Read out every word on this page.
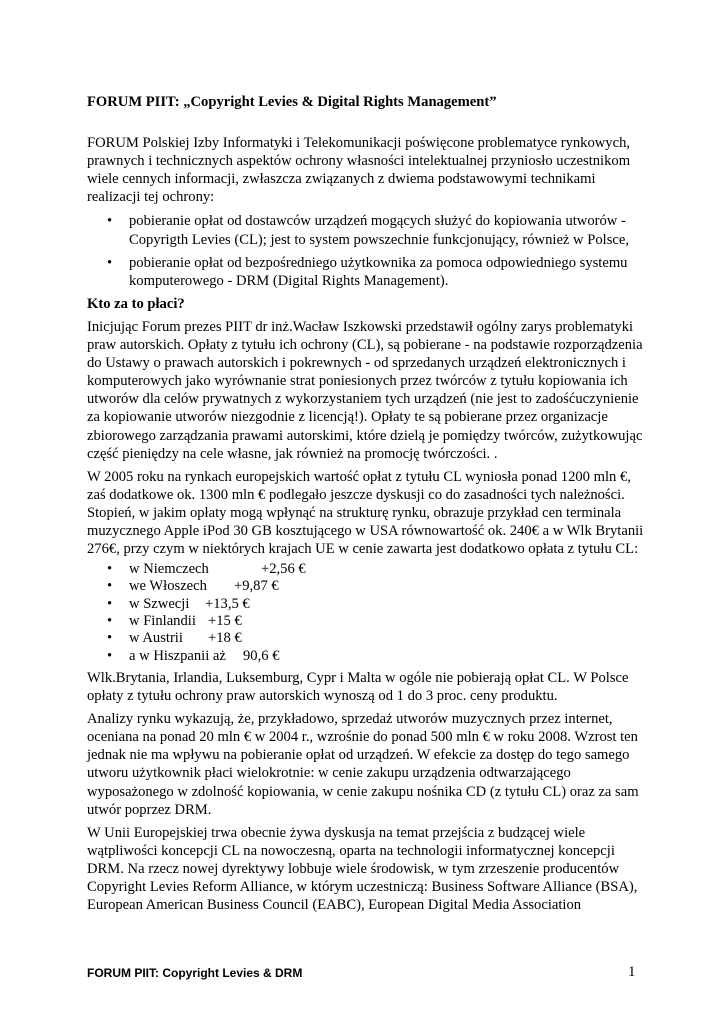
FORUM PIIT: „Copyright Levies & Digital Rights Management”

FORUM Polskiej Izby Informatyki i Telekomunikacji poświęcone problematyce rynkowych, prawnych i technicznych aspektów ochrony własności intelektualnej przyniosło uczestnikom wiele cennych informacji, zwłaszcza związanych z dwiema podstawowymi technikami realizacji tej ochrony:

• pobieranie opłat od dostawców urządzeń mogących służyć do kopiowania utworów - Copyrigth Levies (CL); jest to system powszechnie funkcjonujący, również w Polsce,
• pobieranie opłat od bezpośredniego użytkownika za pomoca odpowiedniego systemu komputerowego - DRM (Digital Rights Management).

Kto za to płaci?

Inicjując Forum prezes PIIT dr inż.Wacław Iszkowski przedstawił ogólny zarys problematyki praw autorskich. Opłaty z tytułu ich ochrony (CL), są pobierane - na podstawie rozporządzenia do Ustawy o prawach autorskich i pokrewnych - od sprzedanych urządzeń elektronicznych i komputerowych jako wyrównanie strat poniesionych przez twórców z tytułu kopiowania ich utworów dla celów prywatnych z wykorzystaniem tych urządzeń (nie jest to zadośćuczynienie za kopiowanie utworów niezgodnie z licencją!). Opłaty te są pobierane przez organizacje zbiorowego zarządzania prawami autorskimi, które dzielą je pomiędzy twórców, zużytkowując część pieniędzy na cele własne, jak również na promocję twórczości. .

W 2005 roku na rynkach europejskich wartość opłat z tytułu CL wyniosła ponad 1200 mln €, zaś dodatkowe ok. 1300 mln € podlegało jeszcze dyskusji co do zasadności tych należności. Stopień, w jakim opłaty mogą wpłynąć na strukturę rynku, obrazuje przykład cen terminala muzycznego Apple iPod 30 GB kosztującego w USA równowartość ok. 240€ a w Wlk Brytanii 276€, przy czym w niektórych krajach UE w cenie zawarta jest dodatkowo opłata z tytułu CL:

• w Niemczech	+2,56 €
• we Włoszech +9,87 €
• w Szwecji +13,5 €
• w Finlandii +15 €
• w Austrii +18 €
• a w Hiszpanii aż 90,6 €

Wlk.Brytania, Irlandia, Luksemburg, Cypr i Malta w ogóle nie pobierają opłat CL. W Polsce opłaty z tytułu ochrony praw autorskich wynoszą od 1 do 3 proc. ceny produktu.

Analizy rynku wykazują, że, przykładowo, sprzedaż utworów muzycznych przez internet, oceniana na ponad 20 mln € w 2004 r., wzrośnie do ponad 500 mln € w roku 2008. Wzrost ten jednak nie ma wpływu na pobieranie opłat od urządzeń. W efekcie za dostęp do tego samego utworu użytkownik płaci wielokrotnie: w cenie zakupu urządzenia odtwarzającego wyposażonego w zdolność kopiowania, w cenie zakupu nośnika CD (z tytułu CL) oraz za sam utwór poprzez DRM.

W Unii Europejskiej trwa obecnie żywa dyskusja na temat przejścia z budzącej wiele wątpliwości koncepcji CL na nowoczesną, oparta na technologii informatycznej koncepcji DRM. Na rzecz nowej dyrektywy lobbuje wiele środowisk, w tym zrzeszenie producentów Copyright Levies Reform Alliance, w którym uczestniczą: Business Software Alliance (BSA), European American Business Council (EABC), European Digital Media Association

FORUM PIIT: Copyright Levies & DRM	1
